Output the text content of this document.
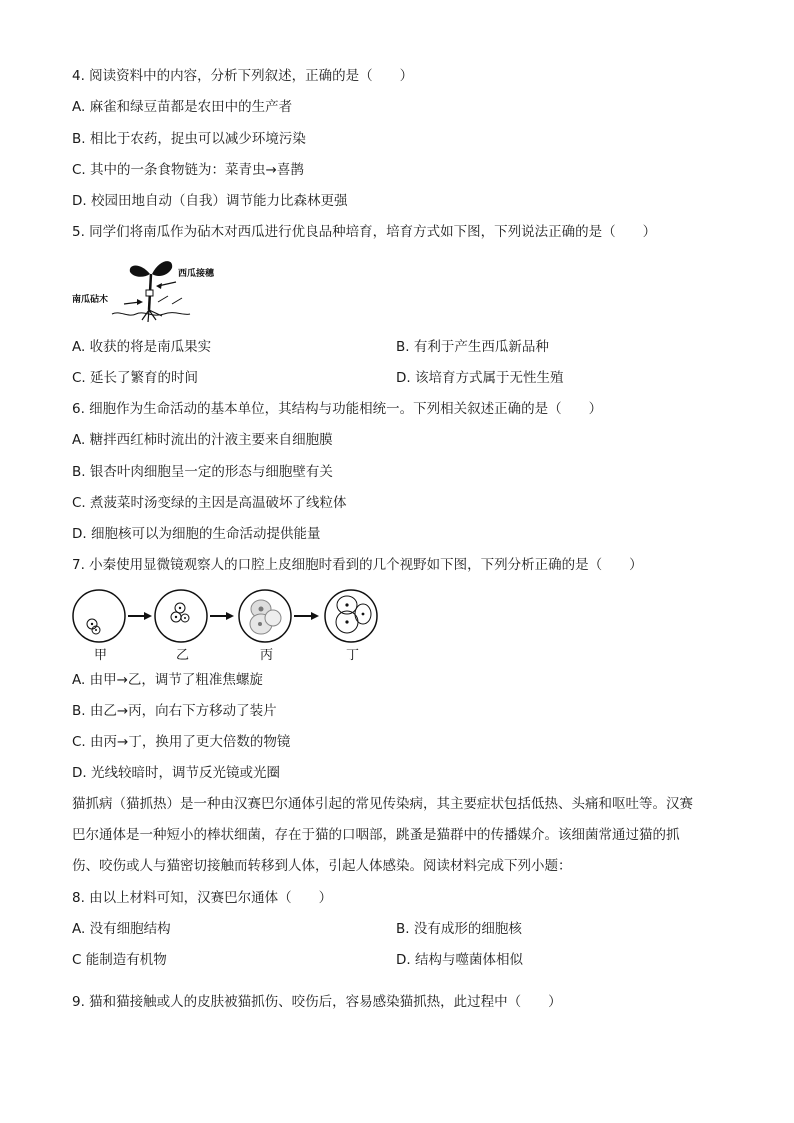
4. 阅读资料中的内容，分析下列叙述，正确的是（　　）
A. 麻雀和绿豆苗都是农田中的生产者
B. 相比于农药，捉虫可以减少环境污染
C. 其中的一条食物链为：菜青虫→喜鹊
D. 校园田地自动（自我）调节能力比森林更强
5. 同学们将南瓜作为砧木对西瓜进行优良品种培育，培育方式如下图，下列说法正确的是（　　）
西瓜接穗
南瓜砧木
A. 收获的将是南瓜果实	B. 有利于产生西瓜新品种
C. 延长了繁育的时间	D. 该培育方式属于无性生殖
6. 细胞作为生命活动的基本单位，其结构与功能相统一。下列相关叙述正确的是（　　）
A. 糖拌西红柿时流出的汁液主要来自细胞膜
B. 银杏叶肉细胞呈一定的形态与细胞壁有关
C. 煮菠菜时汤变绿的主因是高温破坏了线粒体
D. 细胞核可以为细胞的生命活动提供能量
7. 小秦使用显微镜观察人的口腔上皮细胞时看到的几个视野如下图，下列分析正确的是（　　）
甲	乙	丙	丁
A. 由甲→乙，调节了粗准焦螺旋
B. 由乙→丙，向右下方移动了装片
C. 由丙→丁，换用了更大倍数的物镜
D. 光线较暗时，调节反光镜或光圈
猫抓病（猫抓热）是一种由汉赛巴尔通体引起的常见传染病，其主要症状包括低热、头痛和呕吐等。汉赛
巴尔通体是一种短小的棒状细菌，存在于猫的口咽部，跳蚤是猫群中的传播媒介。该细菌常通过猫的抓
伤、咬伤或人与猫密切接触而转移到人体，引起人体感染。阅读材料完成下列小题：
8. 由以上材料可知，汉赛巴尔通体（　　）
A. 没有细胞结构	B. 没有成形的细胞核
C 能制造有机物	D. 结构与噬菌体相似
9. 猫和猫接触或人的皮肤被猫抓伤、咬伤后，容易感染猫抓热，此过程中（　　）
